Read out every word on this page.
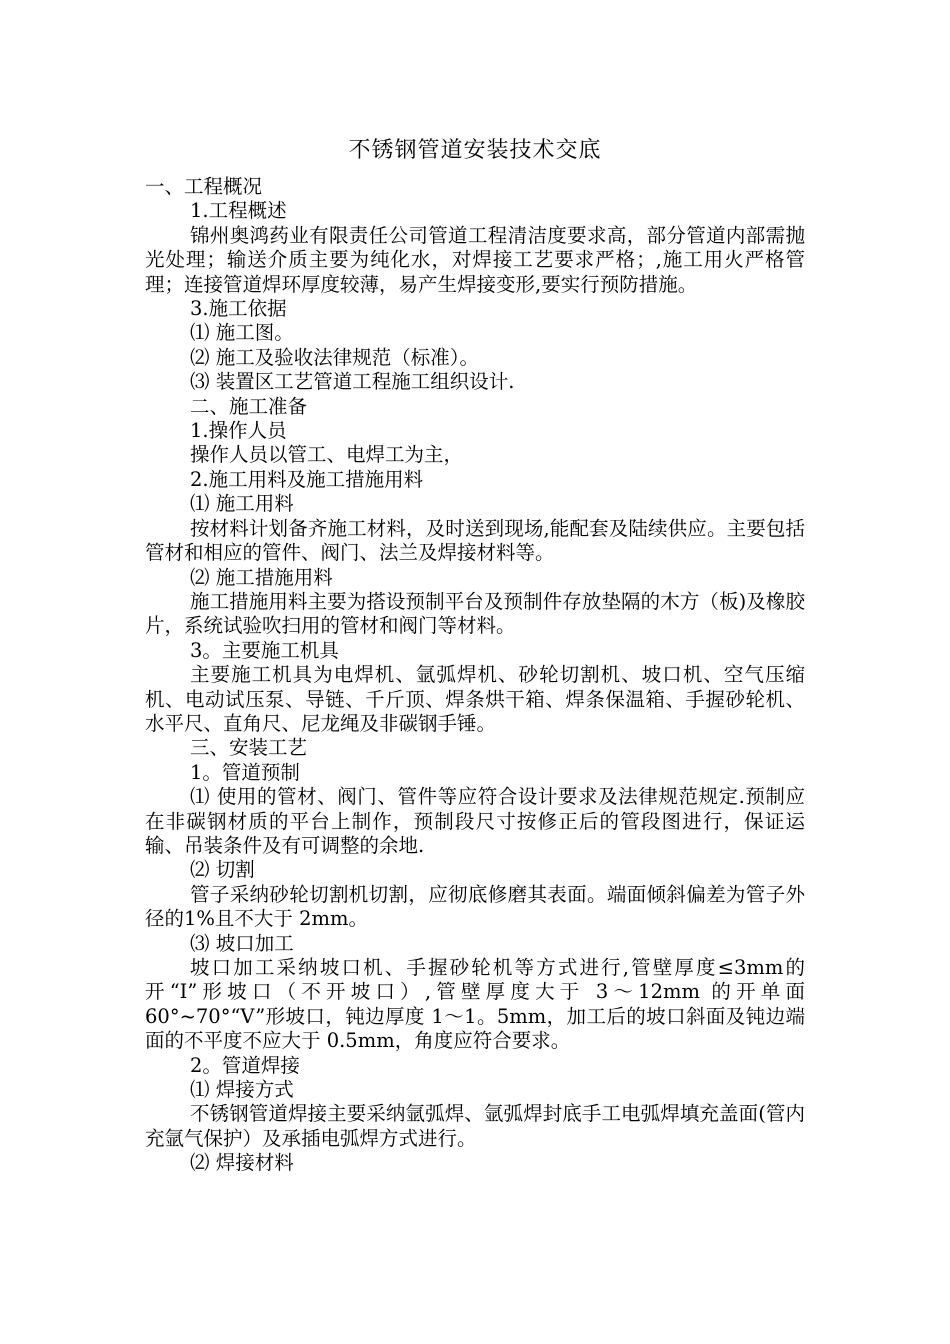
不锈钢管道安装技术交底

一、工程概况

1.工程概述

锦州奥鸿药业有限责任公司管道工程清洁度要求高，部分管道内部需抛光处理；输送介质主要为纯化水，对焊接工艺要求严格；,施工用火严格管理；连接管道焊环厚度较薄，易产生焊接变形,要实行预防措施。

3.施工依据

⑴ 施工图。

⑵ 施工及验收法律规范（标准）。

⑶ 装置区工艺管道工程施工组织设计.

二、施工准备

1.操作人员

操作人员以管工、电焊工为主，

2.施工用料及施工措施用料

⑴ 施工用料

按材料计划备齐施工材料，及时送到现场,能配套及陆续供应。主要包括管材和相应的管件、阀门、法兰及焊接材料等。

⑵ 施工措施用料

施工措施用料主要为搭设预制平台及预制件存放垫隔的木方（板)及橡胶片，系统试验吹扫用的管材和阀门等材料。

3。主要施工机具

主要施工机具为电焊机、氩弧焊机、砂轮切割机、坡口机、空气压缩机、电动试压泵、导链、千斤顶、焊条烘干箱、焊条保温箱、手握砂轮机、水平尺、直角尺、尼龙绳及非碳钢手锤。

三、安装工艺

1。管道预制

⑴ 使用的管材、阀门、管件等应符合设计要求及法律规范规定.预制应在非碳钢材质的平台上制作，预制段尺寸按修正后的管段图进行，保证运输、吊装条件及有可调整的余地.

⑵ 切割

管子采纳砂轮切割机切割，应彻底修磨其表面。端面倾斜偏差为管子外径的1%且不大于 2mm。

⑶ 坡口加工

坡口加工采纳坡口机、手握砂轮机等方式进行,管壁厚度≤3mm的开“I”形坡口（不开坡口）,管壁厚度大于 3～12mm 的开单面 60°~70°“V”形坡口，钝边厚度 1～1。5mm，加工后的坡口斜面及钝边端面的不平度不应大于 0.5mm，角度应符合要求。

2。管道焊接

⑴ 焊接方式

不锈钢管道焊接主要采纳氩弧焊、氩弧焊封底手工电弧焊填充盖面(管内充氩气保护）及承插电弧焊方式进行。

⑵ 焊接材料
